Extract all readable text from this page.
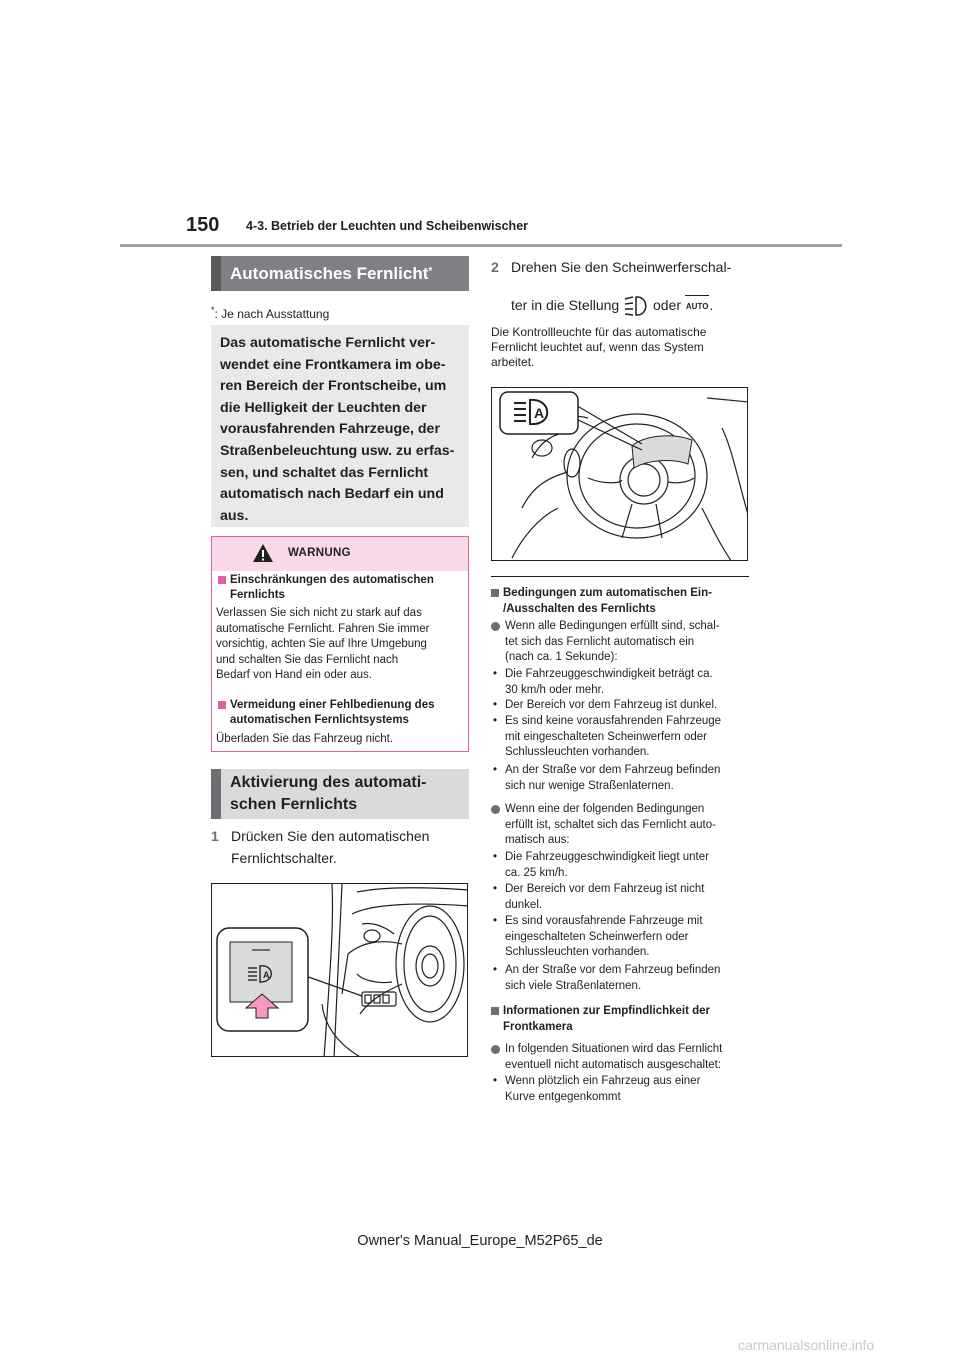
150 4-3. Betrieb der Leuchten und Scheibenwischer
Automatisches Fernlicht*
*: Je nach Ausstattung
Das automatische Fernlicht ver-
wendet eine Frontkamera im obe-
ren Bereich der Frontscheibe, um
die Helligkeit der Leuchten der
vorausfahrenden Fahrzeuge, der
Straßenbeleuchtung usw. zu erfas-
sen, und schaltet das Fernlicht
automatisch nach Bedarf ein und
aus.
WARNUNG
Einschränkungen des automatischen
Fernlichts
Verlassen Sie sich nicht zu stark auf das
automatische Fernlicht. Fahren Sie immer
vorsichtig, achten Sie auf Ihre Umgebung
und schalten Sie das Fernlicht nach
Bedarf von Hand ein oder aus.
Vermeidung einer Fehlbedienung des
automatischen Fernlichtsystems
Überladen Sie das Fahrzeug nicht.
Aktivierung des automati-
schen Fernlichts
1 Drücken Sie den automatischen
Fernlichtschalter.
A
2 Drehen Sie den Scheinwerferschal-
ter in die Stellung oder AUTO.
Die Kontrollleuchte für das automatische
Fernlicht leuchtet auf, wenn das System
arbeitet.
A
Bedingungen zum automatischen Ein-
/Ausschalten des Fernlichts
Wenn alle Bedingungen erfüllt sind, schal-
tet sich das Fernlicht automatisch ein
(nach ca. 1 Sekunde):
• Die Fahrzeuggeschwindigkeit beträgt ca.
30 km/h oder mehr.
• Der Bereich vor dem Fahrzeug ist dunkel.
• Es sind keine vorausfahrenden Fahrzeuge
mit eingeschalteten Scheinwerfern oder
Schlussleuchten vorhanden.
• An der Straße vor dem Fahrzeug befinden
sich nur wenige Straßenlaternen.
Wenn eine der folgenden Bedingungen
erfüllt ist, schaltet sich das Fernlicht auto-
matisch aus:
• Die Fahrzeuggeschwindigkeit liegt unter
ca. 25 km/h.
• Der Bereich vor dem Fahrzeug ist nicht
dunkel.
• Es sind vorausfahrende Fahrzeuge mit
eingeschalteten Scheinwerfern oder
Schlussleuchten vorhanden.
• An der Straße vor dem Fahrzeug befinden
sich viele Straßenlaternen.
Informationen zur Empfindlichkeit der
Frontkamera
In folgenden Situationen wird das Fernlicht
eventuell nicht automatisch ausgeschaltet:
• Wenn plötzlich ein Fahrzeug aus einer
Kurve entgegenkommt
Owner's Manual_Europe_M52P65_de
carmanualsonline.info
